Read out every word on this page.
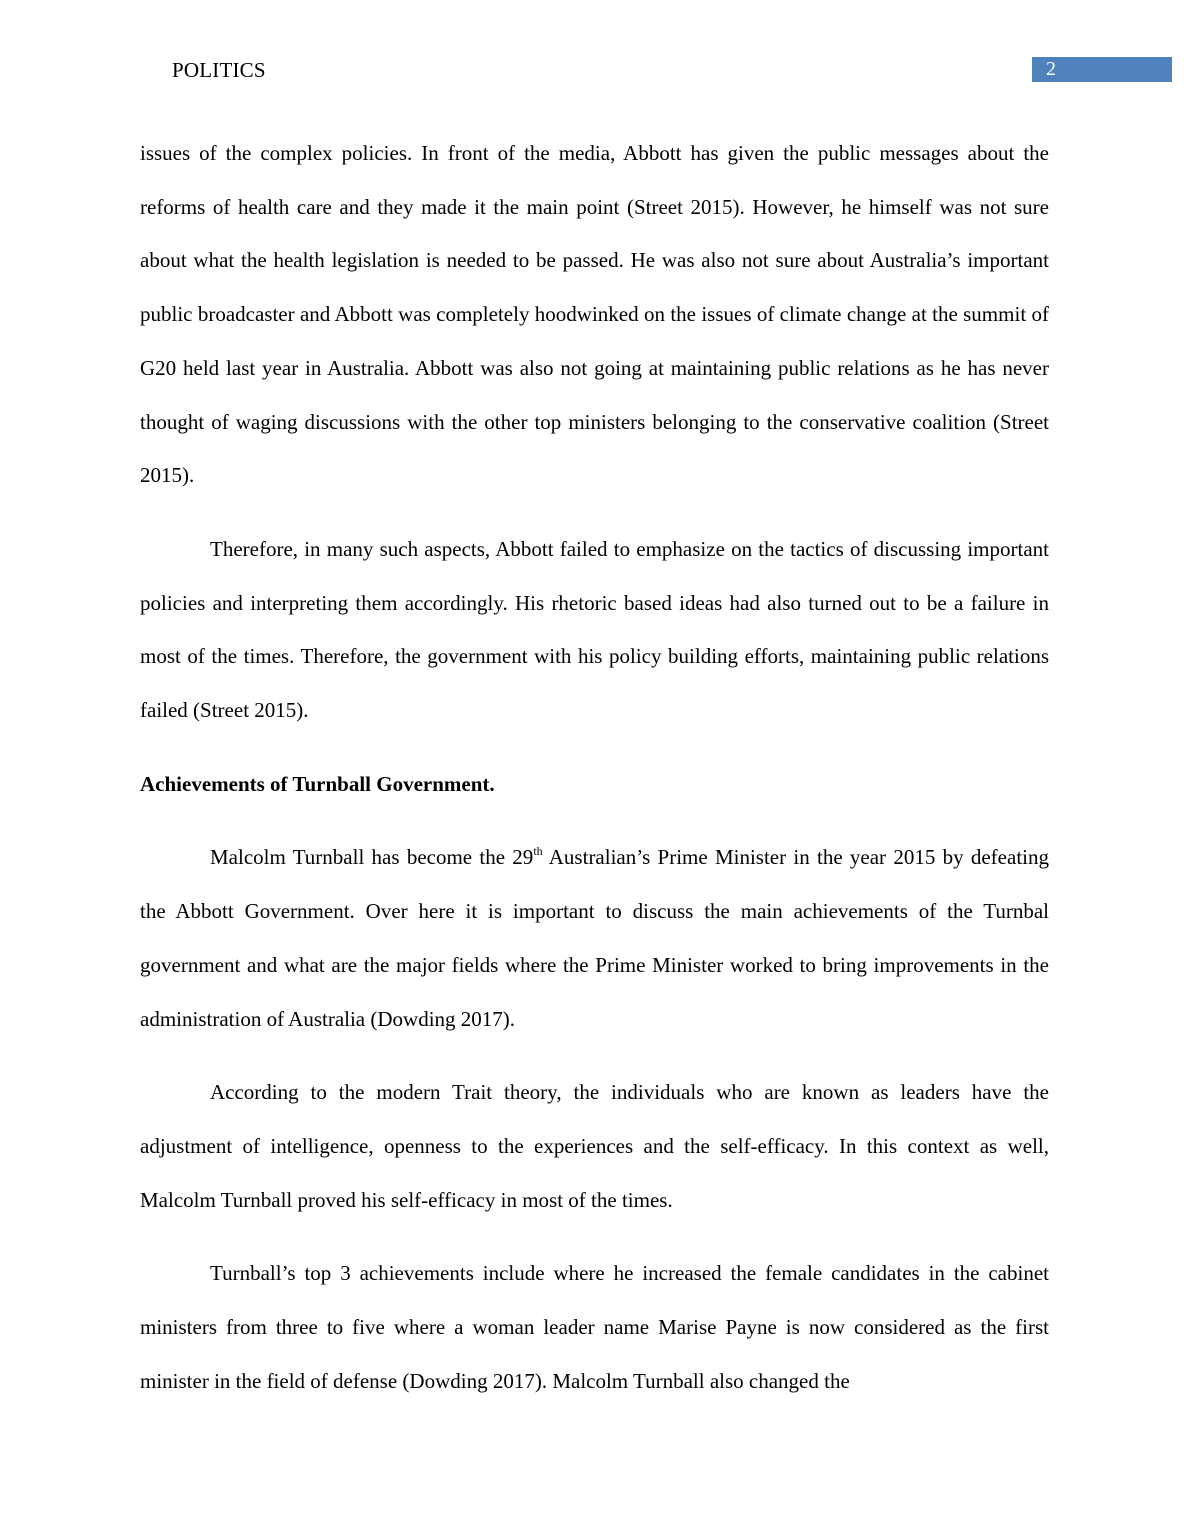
POLITICS	2

issues of the complex policies. In front of the media, Abbott has given the public messages about the reforms of health care and they made it the main point (Street 2015). However, he himself was not sure about what the health legislation is needed to be passed. He was also not sure about Australia’s important public broadcaster and Abbott was completely hoodwinked on the issues of climate change at the summit of G20 held last year in Australia. Abbott was also not going at maintaining public relations as he has never thought of waging discussions with the other top ministers belonging to the conservative coalition (Street 2015).

Therefore, in many such aspects, Abbott failed to emphasize on the tactics of discussing important policies and interpreting them accordingly. His rhetoric based ideas had also turned out to be a failure in most of the times. Therefore, the government with his policy building efforts, maintaining public relations failed (Street 2015).

Achievements of Turnball Government.

Malcolm Turnball has become the 29th Australian’s Prime Minister in the year 2015 by defeating the Abbott Government. Over here it is important to discuss the main achievements of the Turnbal government and what are the major fields where the Prime Minister worked to bring improvements in the administration of Australia (Dowding 2017).

According to the modern Trait theory, the individuals who are known as leaders have the adjustment of intelligence, openness to the experiences and the self-efficacy. In this context as well, Malcolm Turnball proved his self-efficacy in most of the times.

Turnball’s top 3 achievements include where he increased the female candidates in the cabinet ministers from three to five where a woman leader name Marise Payne is now considered as the first minister in the field of defense (Dowding 2017). Malcolm Turnball also changed the
